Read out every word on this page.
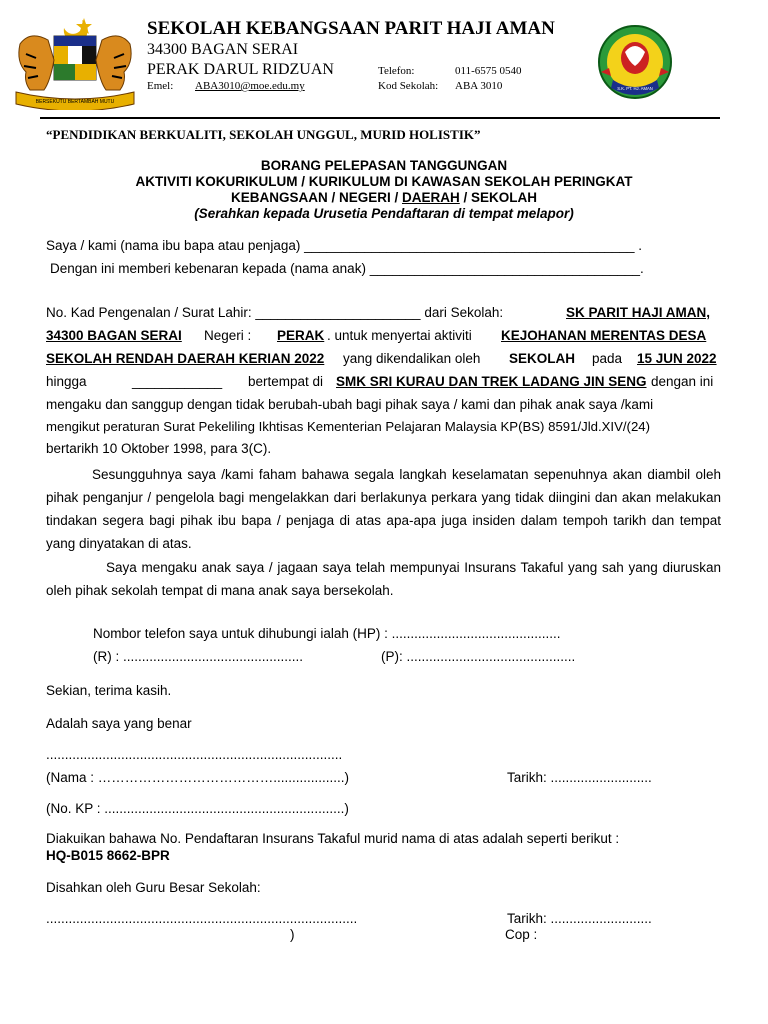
BERSEKUTU BERTAMBAH MUTU
S.K. PT. HJ. AMAN
SEKOLAH KEBANGSAAN PARIT HAJI AMAN
34300 BAGAN SERAI
PERAK DARUL RIDZUAN
Emel: ABA3010@moe.edu.my
Telefon:	011-6575 0540
Kod Sekolah: ABA 3010
“PENDIDIKAN BERKUALITI, SEKOLAH UNGGUL, MURID HOLISTIK”
BORANG PELEPASAN TANGGUNGAN
AKTIVITI KOKURIKULUM / KURIKULUM DI KAWASAN SEKOLAH PERINGKAT
KEBANGSAAN / NEGERI / DAERAH / SEKOLAH
(Serahkan kepada Urusetia Pendaftaran di tempat melapor)
Saya / kami (nama ibu bapa atau penjaga) ____________________________________________ .
Dengan ini memberi kebenaran kepada (nama anak) ____________________________________.
No. Kad Pengenalan / Surat Lahir: ______________________ dari Sekolah:	SK PARIT HAJI AMAN,
34300 BAGAN SERAI	Negeri : PERAK . untuk menyertai aktiviti KEJOHANAN MERENTAS DESA
SEKOLAH RENDAH DAERAH KERIAN 2022 yang dikendalikan oleh SEKOLAH pada 15 JUN 2022
hingga	____________ bertempat di SMK SRI KURAU DAN TREK LADANG JIN SENG dengan ini
mengaku dan sanggup dengan tidak berubah-ubah bagi pihak saya / kami dan pihak anak saya /kami
mengikut peraturan Surat Pekeliling Ikhtisas Kementerian Pelajaran Malaysia KP(BS) 8591/Jld.XIV/(24)
bertarikh 10 Oktober 1998, para 3(C).
Sesungguhnya saya /kami faham bahawa segala langkah keselamatan sepenuhnya akan diambil oleh pihak penganjur / pengelola bagi mengelakkan dari berlakunya perkara yang tidak diingini dan akan melakukan tindakan segera bagi pihak ibu bapa / penjaga di atas apa-apa juga insiden dalam tempoh tarikh dan tempat yang dinyatakan di atas.
Saya mengaku anak saya / jagaan saya telah mempunyai Insurans Takaful yang sah yang diuruskan oleh pihak sekolah tempat di mana anak saya bersekolah.
Nombor telefon saya untuk dihubungi ialah (HP) : .............................................
(R) : ................................................	(P): .............................................
Sekian, terima kasih.
Adalah saya yang benar
...............................................................................
(Nama : …………………………………...................)	Tarikh: ...........................
(No. KP : ................................................................)
Diakuikan bahawa No. Pendaftaran Insurans Takaful murid nama di atas adalah seperti berikut :
HQ-B015 8662-BPR
Disahkan oleh Guru Besar Sekolah:
...................................................................................
)
Tarikh: ...........................
Cop :
